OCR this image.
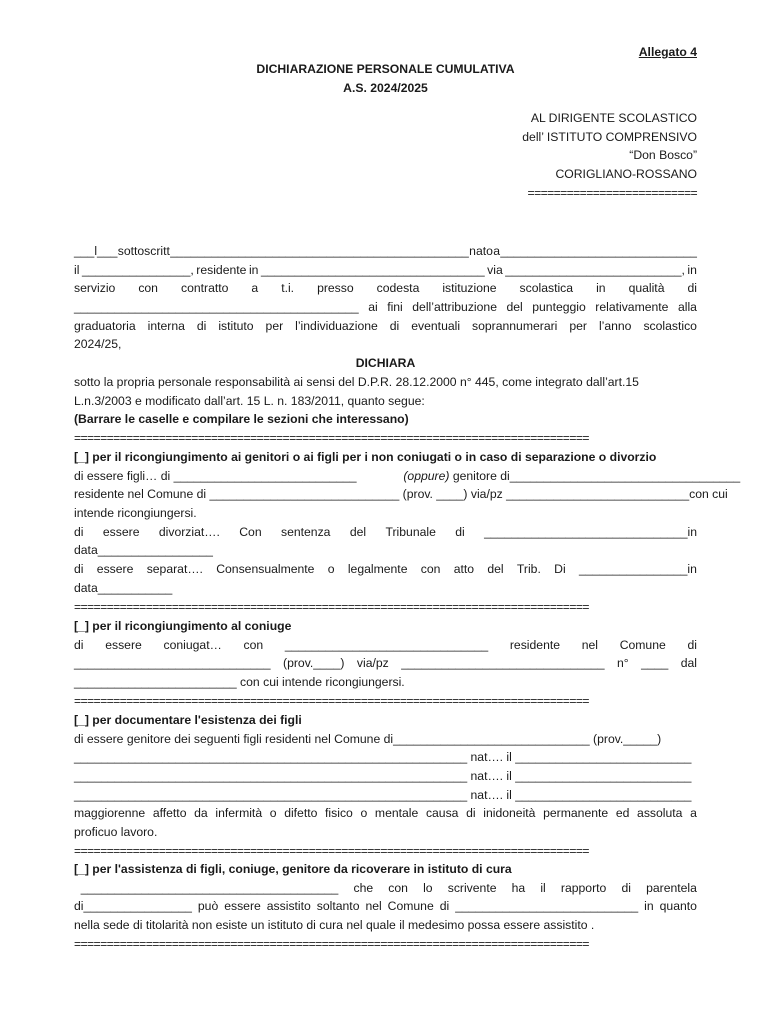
Allegato 4
DICHIARAZIONE PERSONALE CUMULATIVA
A.S. 2024/2025
AL DIRIGENTE SCOLASTICO
dell’ ISTITUTO COMPRENSIVO
“Don Bosco”
CORIGLIANO-ROSSANO
==========================
___l___ sottoscritt __ __________________________________________ nato a _____________________________
il ________________, residente in _________________________________ via __________________________, in
servizio con contratto a t.i. presso codesta istituzione scolastica in qualità di
__________________________________________ ai fini dell’attribuzione del punteggio relativamente alla
graduatoria interna di istituto per l’individuazione di eventuali soprannumerari per l’anno scolastico
2024/25,
DICHIARA
sotto la propria personale responsabilità ai sensi del D.P.R. 28.12.2000 n° 445, come integrato dall’art.15
L.n.3/2003 e modificato dall’art. 15 L. n. 183/2011, quanto segue:
(Barrare le caselle e compilare le sezioni che interessano)
===============================================================================
[_] per il ricongiungimento ai genitori o ai figli per i non coniugati o in caso di separazione o divorzio
di essere figli… di ___________________________	(oppure) genitore di__________________________________
residente nel Comune di ____________________________ (prov. ____) via/pz ___________________________ con cui
intende ricongiungersi.
di essere divorziat…. Con sentenza del Tribunale di ______________________________in
data_________________
di essere separat…. Consensualmente o legalmente con atto del Trib. Di ________________in
data___________
===============================================================================
[_] per il ricongiungimento al coniuge
di essere coniugat… con ______________________________ residente nel Comune di
_____________________________ (prov.____) via/pz ______________________________ n° ____ dal
________________________ con cui intende ricongiungersi.
===============================================================================
[_] per documentare l'esistenza dei figli
di essere genitore dei seguenti figli residenti nel Comune di_____________________________ (prov._____)
__________________________________________________________ nat…. il __________________________
__________________________________________________________ nat…. il __________________________
__________________________________________________________ nat…. il __________________________
maggiorenne affetto da infermità o difetto fisico o mentale causa di inidoneità permanente ed assoluta a
proficuo lavoro.
===============================================================================
[_] per l'assistenza di figli, coniuge, genitore da ricoverare in istituto di cura
______________________________________ che con lo scrivente ha il rapporto di parentela
di________________ può essere assistito soltanto nel Comune di ___________________________ in quanto
nella sede di titolarità non esiste un istituto di cura nel quale il medesimo possa essere assistito .
===============================================================================
